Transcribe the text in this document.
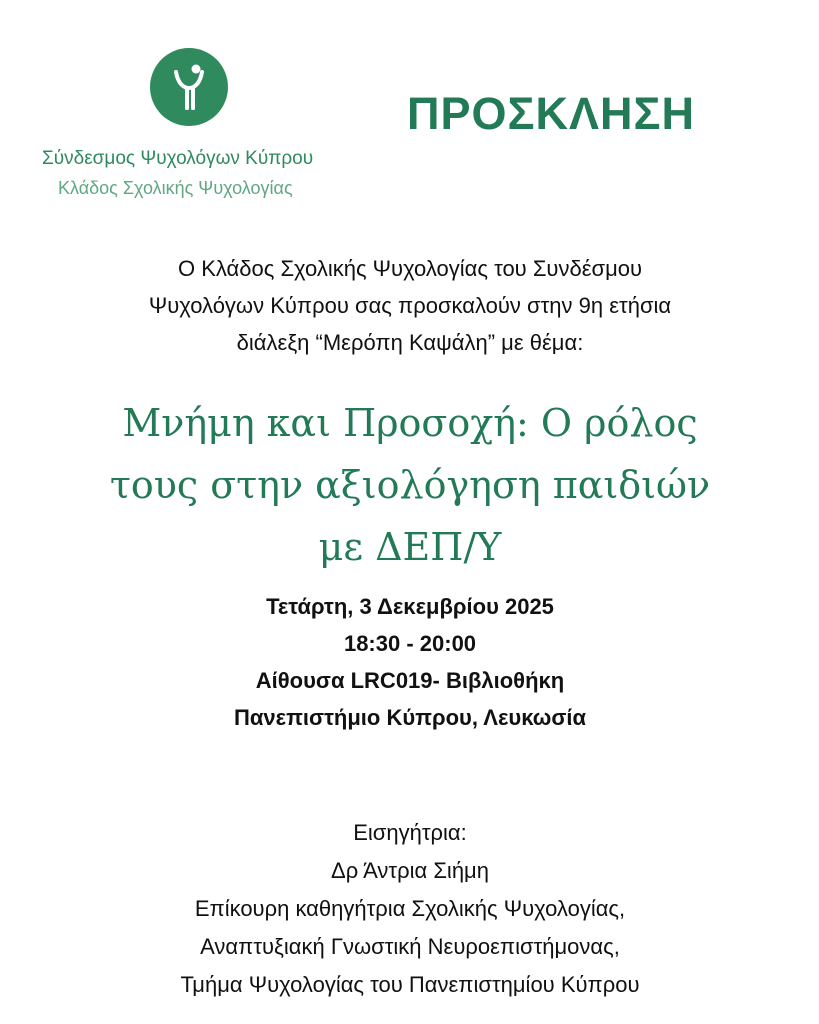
Σύνδεσμος Ψυχολόγων Κύπρου
Κλάδος Σχολικής Ψυχολογίας
ΠΡΟΣΚΛΗΣΗ
Ο Κλάδος Σχολικής Ψυχολογίας του Συνδέσμου
Ψυχολόγων Κύπρου σας προσκαλούν στην 9η ετήσια
διάλεξη “Μερόπη Καψάλη” με θέμα:
Μνήμη και Προσοχή: Ο ρόλος
τους στην αξιολόγηση παιδιών
με ΔΕΠ/Υ
Τετάρτη, 3 Δεκεμβρίου 2025
18:30 - 20:00
Αίθουσα LRC019- Βιβλιοθήκη
Πανεπιστήμιο Κύπρου, Λευκωσία
Εισηγήτρια:
Δρ Άντρια Σιήμη
Επίκουρη καθηγήτρια Σχολικής Ψυχολογίας,
Αναπτυξιακή Γνωστική Νευροεπιστήμονας,
Τμήμα Ψυχολογίας του Πανεπιστημίου Κύπρου
